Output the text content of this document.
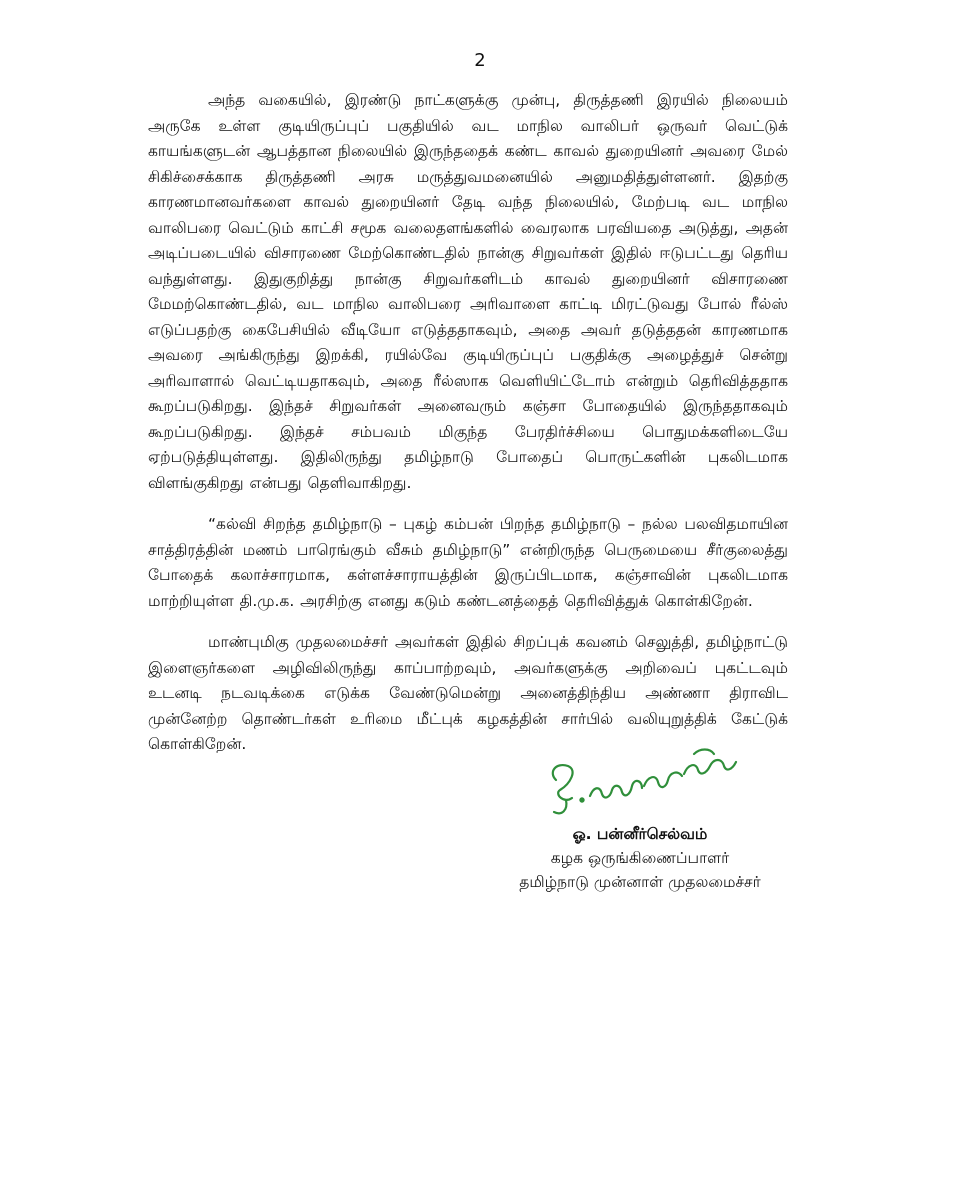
2

அந்த வகையில், இரண்டு நாட்களுக்கு முன்பு, திருத்தணி இரயில் நிலையம் அருகே உள்ள குடியிருப்புப் பகுதியில் வட மாநில வாலிபர் ஒருவர் வெட்டுக் காயங்களுடன் ஆபத்தான நிலையில் இருந்ததைக் கண்ட காவல் துறையினர் அவரை மேல் சிகிச்சைக்காக திருத்தணி அரசு மருத்துவமனையில் அனுமதித்துள்ளனர். இதற்கு காரணமானவர்களை காவல் துறையினர் தேடி வந்த நிலையில், மேற்படி வட மாநில வாலிபரை வெட்டும் காட்சி சமூக வலைதளங்களில் வைரலாக பரவியதை அடுத்து, அதன் அடிப்படையில் விசாரணை மேற்கொண்டதில் நான்கு சிறுவர்கள் இதில் ஈடுபட்டது தெரிய வந்துள்ளது. இதுகுறித்து நான்கு சிறுவர்களிடம் காவல் துறையினர் விசாரணை மேமற்கொண்டதில், வட மாநில வாலிபரை அரிவாளை காட்டி மிரட்டுவது போல் ரீல்ஸ் எடுப்பதற்கு கைபேசியில் வீடியோ எடுத்ததாகவும், அதை அவர் தடுத்ததன் காரணமாக அவரை அங்கிருந்து இறக்கி, ரயில்வே குடியிருப்புப் பகுதிக்கு அழைத்துச் சென்று அரிவாளால் வெட்டியதாகவும், அதை ரீல்ஸாக வெளியிட்டோம் என்றும் தெரிவித்ததாக கூறப்படுகிறது. இந்தச் சிறுவர்கள் அனைவரும் கஞ்சா போதையில் இருந்ததாகவும் கூறப்படுகிறது. இந்தச் சம்பவம் மிகுந்த பேரதிர்ச்சியை பொதுமக்களிடையே ஏற்படுத்தியுள்ளது. இதிலிருந்து தமிழ்நாடு போதைப் பொருட்களின் புகலிடமாக விளங்குகிறது என்பது தெளிவாகிறது.

“கல்வி சிறந்த தமிழ்நாடு – புகழ் கம்பன் பிறந்த தமிழ்நாடு – நல்ல பலவிதமாயின சாத்திரத்தின் மணம் பாரெங்கும் வீசும் தமிழ்நாடு” என்றிருந்த பெருமையை சீர்குலைத்து போதைக் கலாச்சாரமாக, கள்ளச்சாராயத்தின் இருப்பிடமாக, கஞ்சாவின் புகலிடமாக மாற்றியுள்ள தி.மு.க. அரசிற்கு எனது கடும் கண்டனத்தைத் தெரிவித்துக் கொள்கிறேன்.

மாண்புமிகு முதலமைச்சர் அவர்கள் இதில் சிறப்புக் கவனம் செலுத்தி, தமிழ்நாட்டு இளைஞர்களை அழிவிலிருந்து காப்பாற்றவும், அவர்களுக்கு அறிவைப் புகட்டவும் உடனடி நடவடிக்கை எடுக்க வேண்டுமென்று அனைத்திந்திய அண்ணா திராவிட முன்னேற்ற தொண்டர்கள் உரிமை மீட்புக் கழகத்தின் சார்பில் வலியுறுத்திக் கேட்டுக் கொள்கிறேன்.

ஓ. பன்னீர்செல்வம்
கழக ஒருங்கிணைப்பாளர்
தமிழ்நாடு முன்னாள் முதலமைச்சர்
